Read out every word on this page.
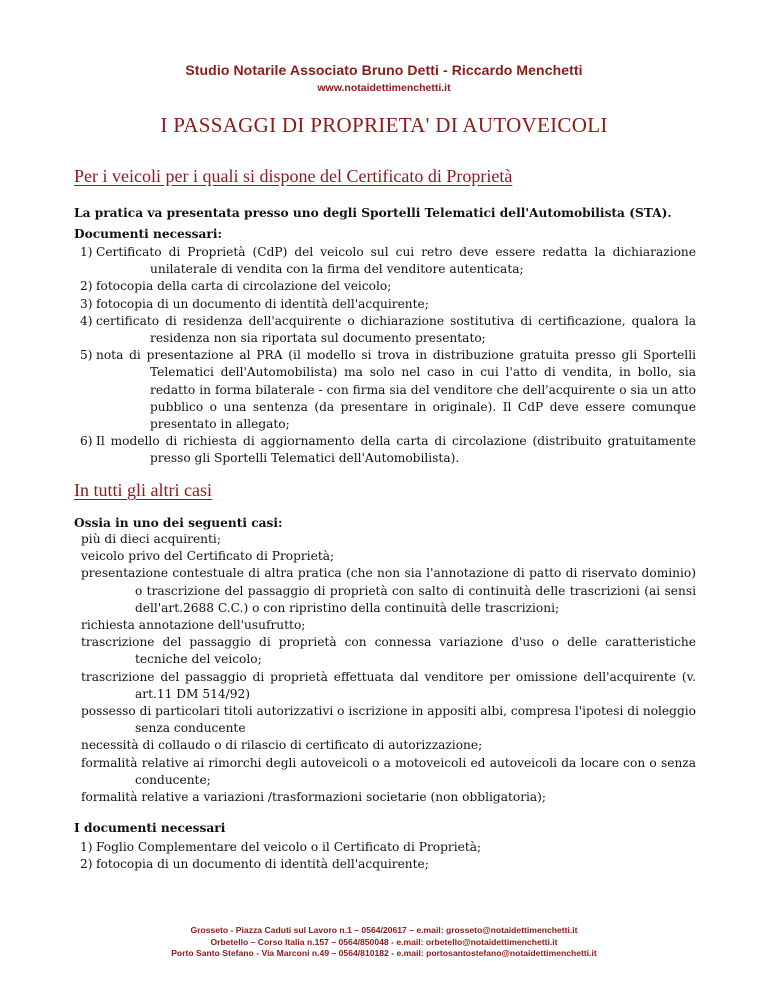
Studio Notarile Associato Bruno Detti - Riccardo Menchetti
www.notaidettimenchetti.it
I PASSAGGI DI PROPRIETA' DI AUTOVEICOLI
Per i veicoli per i quali si dispone del Certificato di Proprietà
La pratica va presentata presso uno degli Sportelli Telematici dell'Automobilista (STA).
Documenti necessari:
1) Certificato di Proprietà (CdP) del veicolo sul cui retro deve essere redatta la dichiarazione unilaterale di vendita con la firma del venditore autenticata;
2) fotocopia della carta di circolazione del veicolo;
3) fotocopia di un documento di identità dell'acquirente;
4) certificato di residenza dell'acquirente o dichiarazione sostitutiva di certificazione, qualora la residenza non sia riportata sul documento presentato;
5) nota di presentazione al PRA (il modello si trova in distribuzione gratuita presso gli Sportelli Telematici dell'Automobilista) ma solo nel caso in cui l'atto di vendita, in bollo, sia redatto in forma bilaterale - con firma sia del venditore che dell'acquirente o sia un atto pubblico o una sentenza (da presentare in originale). Il CdP deve essere comunque presentato in allegato;
6) Il modello di richiesta di aggiornamento della carta di circolazione (distribuito gratuitamente presso gli Sportelli Telematici dell'Automobilista).
In tutti gli altri casi
Ossia in uno dei seguenti casi:
più di dieci acquirenti;
veicolo privo del Certificato di Proprietà;
presentazione contestuale di altra pratica (che non sia l'annotazione di patto di riservato dominio) o trascrizione del passaggio di proprietà con salto di continuità delle trascrizioni (ai sensi dell'art.2688 C.C.) o con ripristino della continuità delle trascrizioni;
richiesta annotazione dell'usufrutto;
trascrizione del passaggio di proprietà con connessa variazione d'uso o delle caratteristiche tecniche del veicolo;
trascrizione del passaggio di proprietà effettuata dal venditore per omissione dell'acquirente (v. art.11 DM 514/92)
possesso di particolari titoli autorizzativi o iscrizione in appositi albi, compresa l'ipotesi di noleggio senza conducente
necessità di collaudo o di rilascio di certificato di autorizzazione;
formalità relative ai rimorchi degli autoveicoli o a motoveicoli ed autoveicoli da locare con o senza conducente;
formalità relative a variazioni /trasformazioni societarie (non obbligatoria);
I documenti necessari
1) Foglio Complementare del veicolo o il Certificato di Proprietà;
2) fotocopia di un documento di identità dell'acquirente;
Grosseto - Piazza Caduti sul Lavoro n.1 – 0564/20617 – e.mail: grosseto@notaidettimenchetti.it
Orbetello – Corso Italia n.157 – 0564/850048 - e.mail: orbetello@notaidettimenchetti.it
Porto Santo Stefano - Via Marconi n.49 – 0564/810182 - e.mail: portosantostefano@notaidettimenchetti.it
